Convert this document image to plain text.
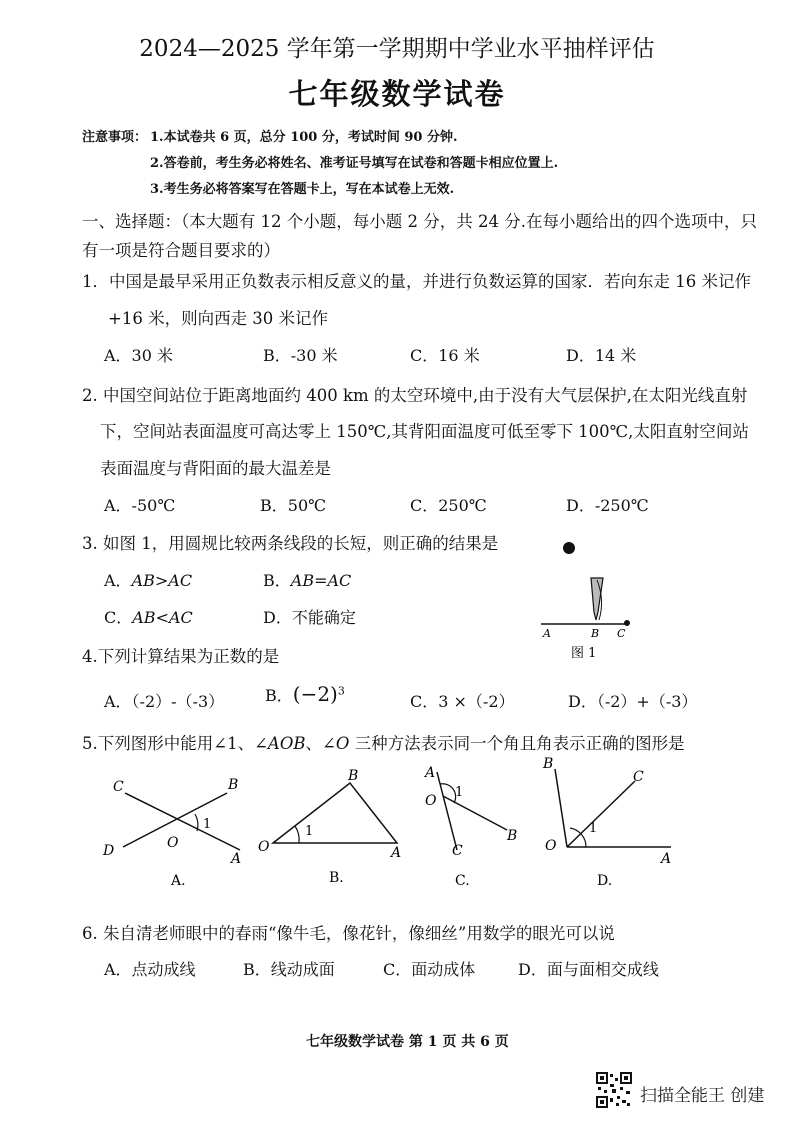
2024—2025 学年第一学期期中学业水平抽样评估
七年级数学试卷
注意事项： 1.本试卷共 6 页，总分 100 分，考试时间 90 分钟.
2.答卷前，考生务必将姓名、准考证号填写在试卷和答题卡相应位置上.
3.考生务必将答案写在答题卡上，写在本试卷上无效.
一、选择题：（本大题有 12 个小题，每小题 2 分，共 24 分.在每小题给出的四个选项中，只
有一项是符合题目要求的）
1．中国是最早采用正负数表示相反意义的量，并进行负数运算的国家．若向东走 16 米记作
+16 米，则向西走 30 米记作
A．30 米	B．-30 米	C．16 米	D．14 米
2. 中国空间站位于距离地面约 400 km 的太空环境中,由于没有大气层保护,在太阳光线直射
下，空间站表面温度可高达零上 150℃,其背阳面温度可低至零下 100℃,太阳直射空间站
表面温度与背阳面的最大温差是
A．-50℃	B．50℃	C．250℃	D．-250℃
3. 如图 1，用圆规比较两条线段的长短，则正确的结果是
A．AB>AC	B．AB=AC
C．AB<AC	D．不能确定
A	B C
图 1
4.下列计算结果为正数的是
A．（-2）-（-3）	B．$(-2)^3$
C．3 ×（-2）	D．（-2）+（-3）
5.下列图形中能用∠1、∠AOB、∠O 三种方法表示同一个角且角表示正确的图形是
C	B
D	O
A
1
A.
B
O	A
1
B.
A
O
1
B
C
C.
B
C
O
1
A
D.
6. 朱自清老师眼中的春雨“像牛毛，像花针，像细丝”用数学的眼光可以说
A．点动成线	B．线动成面	C．面动成体	D．面与面相交成线
七年级数学试卷 第 1 页 共 6 页
扫描全能王 创建
